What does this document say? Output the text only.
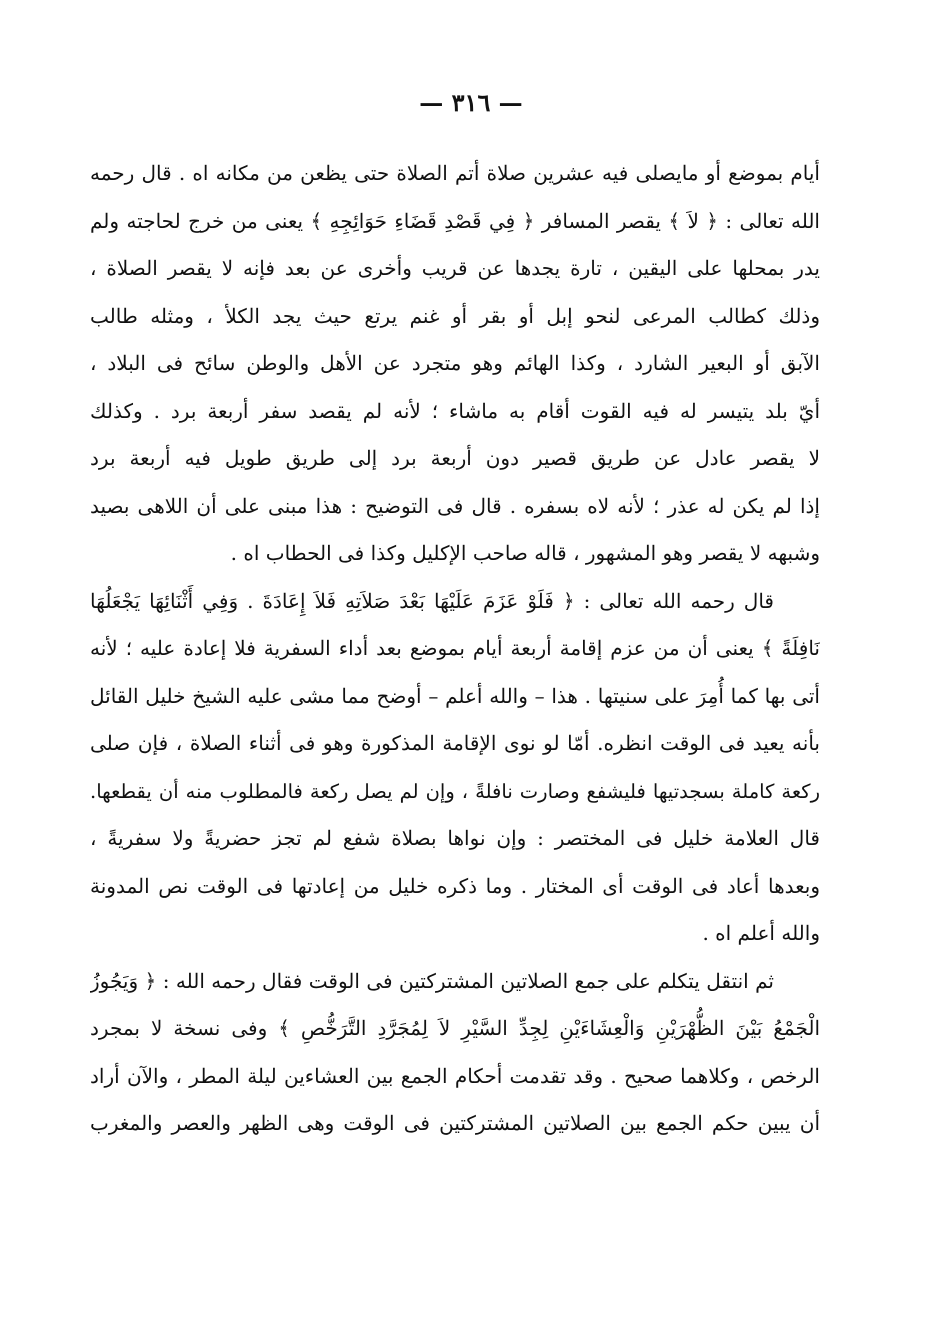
— ٣١٦ —
أيام بموضع أو مايصلى فيه عشرين صلاة أتم الصلاة حتى يظعن من مكانه اه . قال رحمه
الله تعالى : ﴿ لاَ ﴾ يقصر المسافر ﴿ فِي قَصْدِ قَضَاءِ حَوَائِجِهِ ﴾ يعنى من خرج لحاجته ولم
يدر بمحلها على اليقين ، تارة يجدها عن قريب وأخرى عن بعد فإنه لا يقصر الصلاة ،
وذلك كطالب المرعى لنحو إبل أو بقر أو غنم يرتع حيث يجد الكلأ ، ومثله طالب
الآبق أو البعير الشارد ، وكذا الهائم وهو متجرد عن الأهل والوطن سائح فى البلاد ،
أيّ بلد يتيسر له فيه القوت أقام به ماشاء ؛ لأنه لم يقصد سفر أربعة برد . وكذلك
لا يقصر عادل عن طريق قصير دون أربعة برد إلى طريق طويل فيه أربعة برد
إذا لم يكن له عذر ؛ لأنه لاه بسفره . قال فى التوضيح : هذا مبنى على أن اللاهى بصيد
وشبهه لا يقصر وهو المشهور ، قاله صاحب الإكليل وكذا فى الحطاب اه .
قال رحمه الله تعالى : ﴿ فَلَوْ عَزَمَ عَلَيْهَا بَعْدَ صَلاَتِهِ فَلاَ إِعَادَةَ . وَفِي أَثْنَائِهَا يَجْعَلُهَا
نَافِلَةً ﴾ يعنى أن من عزم إقامة أربعة أيام بموضع بعد أداء السفرية فلا إعادة عليه ؛ لأنه
أتى بها كما أُمِرَ على سنيتها . هذا – والله أعلم – أوضح مما مشى عليه الشيخ خليل القائل
بأنه يعيد فى الوقت انظره. أمّا لو نوى الإقامة المذكورة وهو فى أثناء الصلاة ، فإن صلى
ركعة كاملة بسجدتيها فليشفع وصارت نافلةً ، وإن لم يصل ركعة فالمطلوب منه أن يقطعها.
قال العلامة خليل فى المختصر : وإن نواها بصلاة شفع لم تجز حضريةً ولا سفريةً ،
وبعدها أعاد فى الوقت أى المختار . وما ذكره خليل من إعادتها فى الوقت نص المدونة
والله أعلم اه .
ثم انتقل يتكلم على جمع الصلاتين المشتركتين فى الوقت فقال رحمه الله : ﴿ وَيَجُوزُ
الْجَمْعُ بَيْنَ الظُّهْرَيْنِ وَالْعِشَاءَيْنِ لِجِدِّ السَّيْرِ لاَ لِمُجَرَّدِ التَّرَخُّصِ ﴾ وفى نسخة لا بمجرد
الرخص ، وكلاهما صحيح . وقد تقدمت أحكام الجمع بين العشاءين ليلة المطر ، والآن أراد
أن يبين حكم الجمع بين الصلاتين المشتركتين فى الوقت وهى الظهر والعصر والمغرب
